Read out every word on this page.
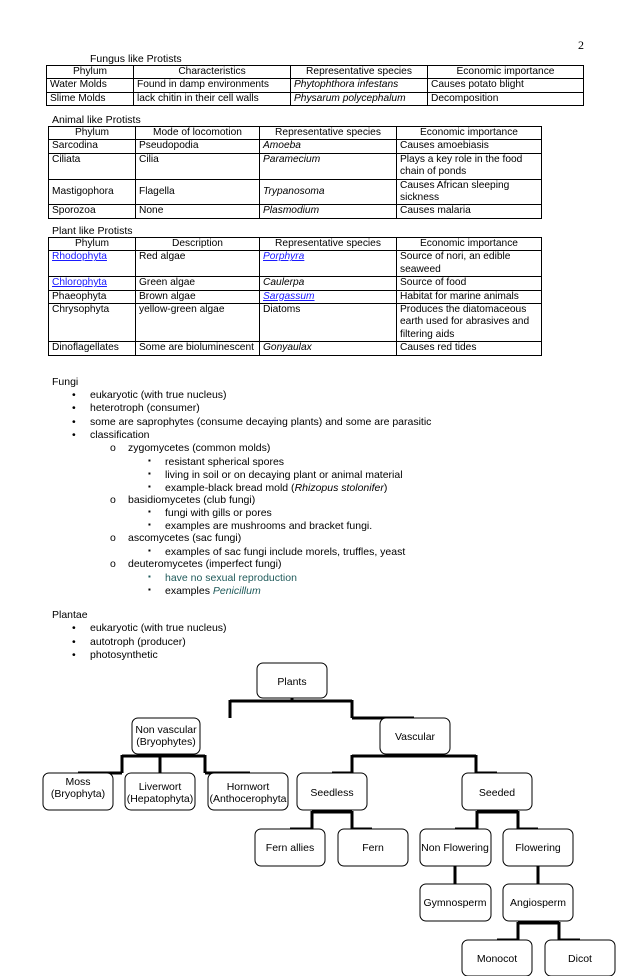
2
Fungus like Protists
Phylum	Characteristics	Representative species	Economic importance
Water Molds	Found in damp environments	Phytophthora infestans	Causes potato blight
Slime Molds	lack chitin in their cell walls	Physarum polycephalum	Decomposition
Animal like Protists
Phylum	Mode of locomotion	Representative species	Economic importance
Sarcodina	Pseudopodia	Amoeba	Causes amoebiasis
Ciliata	Cilia	Paramecium	Plays a key role in the food chain of ponds
Mastigophora	Flagella	Trypanosoma	Causes African sleeping sickness
Sporozoa	None	Plasmodium	Causes malaria
Plant like Protists
Phylum	Description	Representative species	Economic importance
Rhodophyta	Red algae	Porphyra	Source of nori, an edible seaweed
Chlorophyta	Green algae	Caulerpa	Source of food
Phaeophyta	Brown algae	Sargassum	Habitat for marine animals
Chrysophyta	yellow-green algae	Diatoms	Produces the diatomaceous earth used for abrasives and filtering aids
Dinoflagellates	Some are bioluminescent	Gonyaulax	Causes red tides
Fungi
• eukaryotic (with true nucleus)
• heterotroph (consumer)
• some are saprophytes (consume decaying plants) and some are parasitic
• classification
o zygomycetes (common molds)
▪ resistant spherical spores
▪ living in soil or on decaying plant or animal material
▪ example-black bread mold (Rhizopus stolonifer)
o basidiomycetes (club fungi)
▪ fungi with gills or pores
▪ examples are mushrooms and bracket fungi.
o ascomycetes (sac fungi)
▪ examples of sac fungi include morels, truffles, yeast
o deuteromycetes (imperfect fungi)
▪ have no sexual reproduction
▪ examples Penicillum
Plantae
• eukaryotic (with true nucleus)
• autotroph (producer)
• photosynthetic
Plants
Non vascular
(Bryophytes)	Vascular
Moss
(Bryophyta)
Liverwort
(Hepatophyta)
Hornwort
(Anthocerophyta Seedless	Seeded
Fern allies	Fern	Non Flowering	Flowering
Gymnosperm Angiosperm
Monocot	Dicot
